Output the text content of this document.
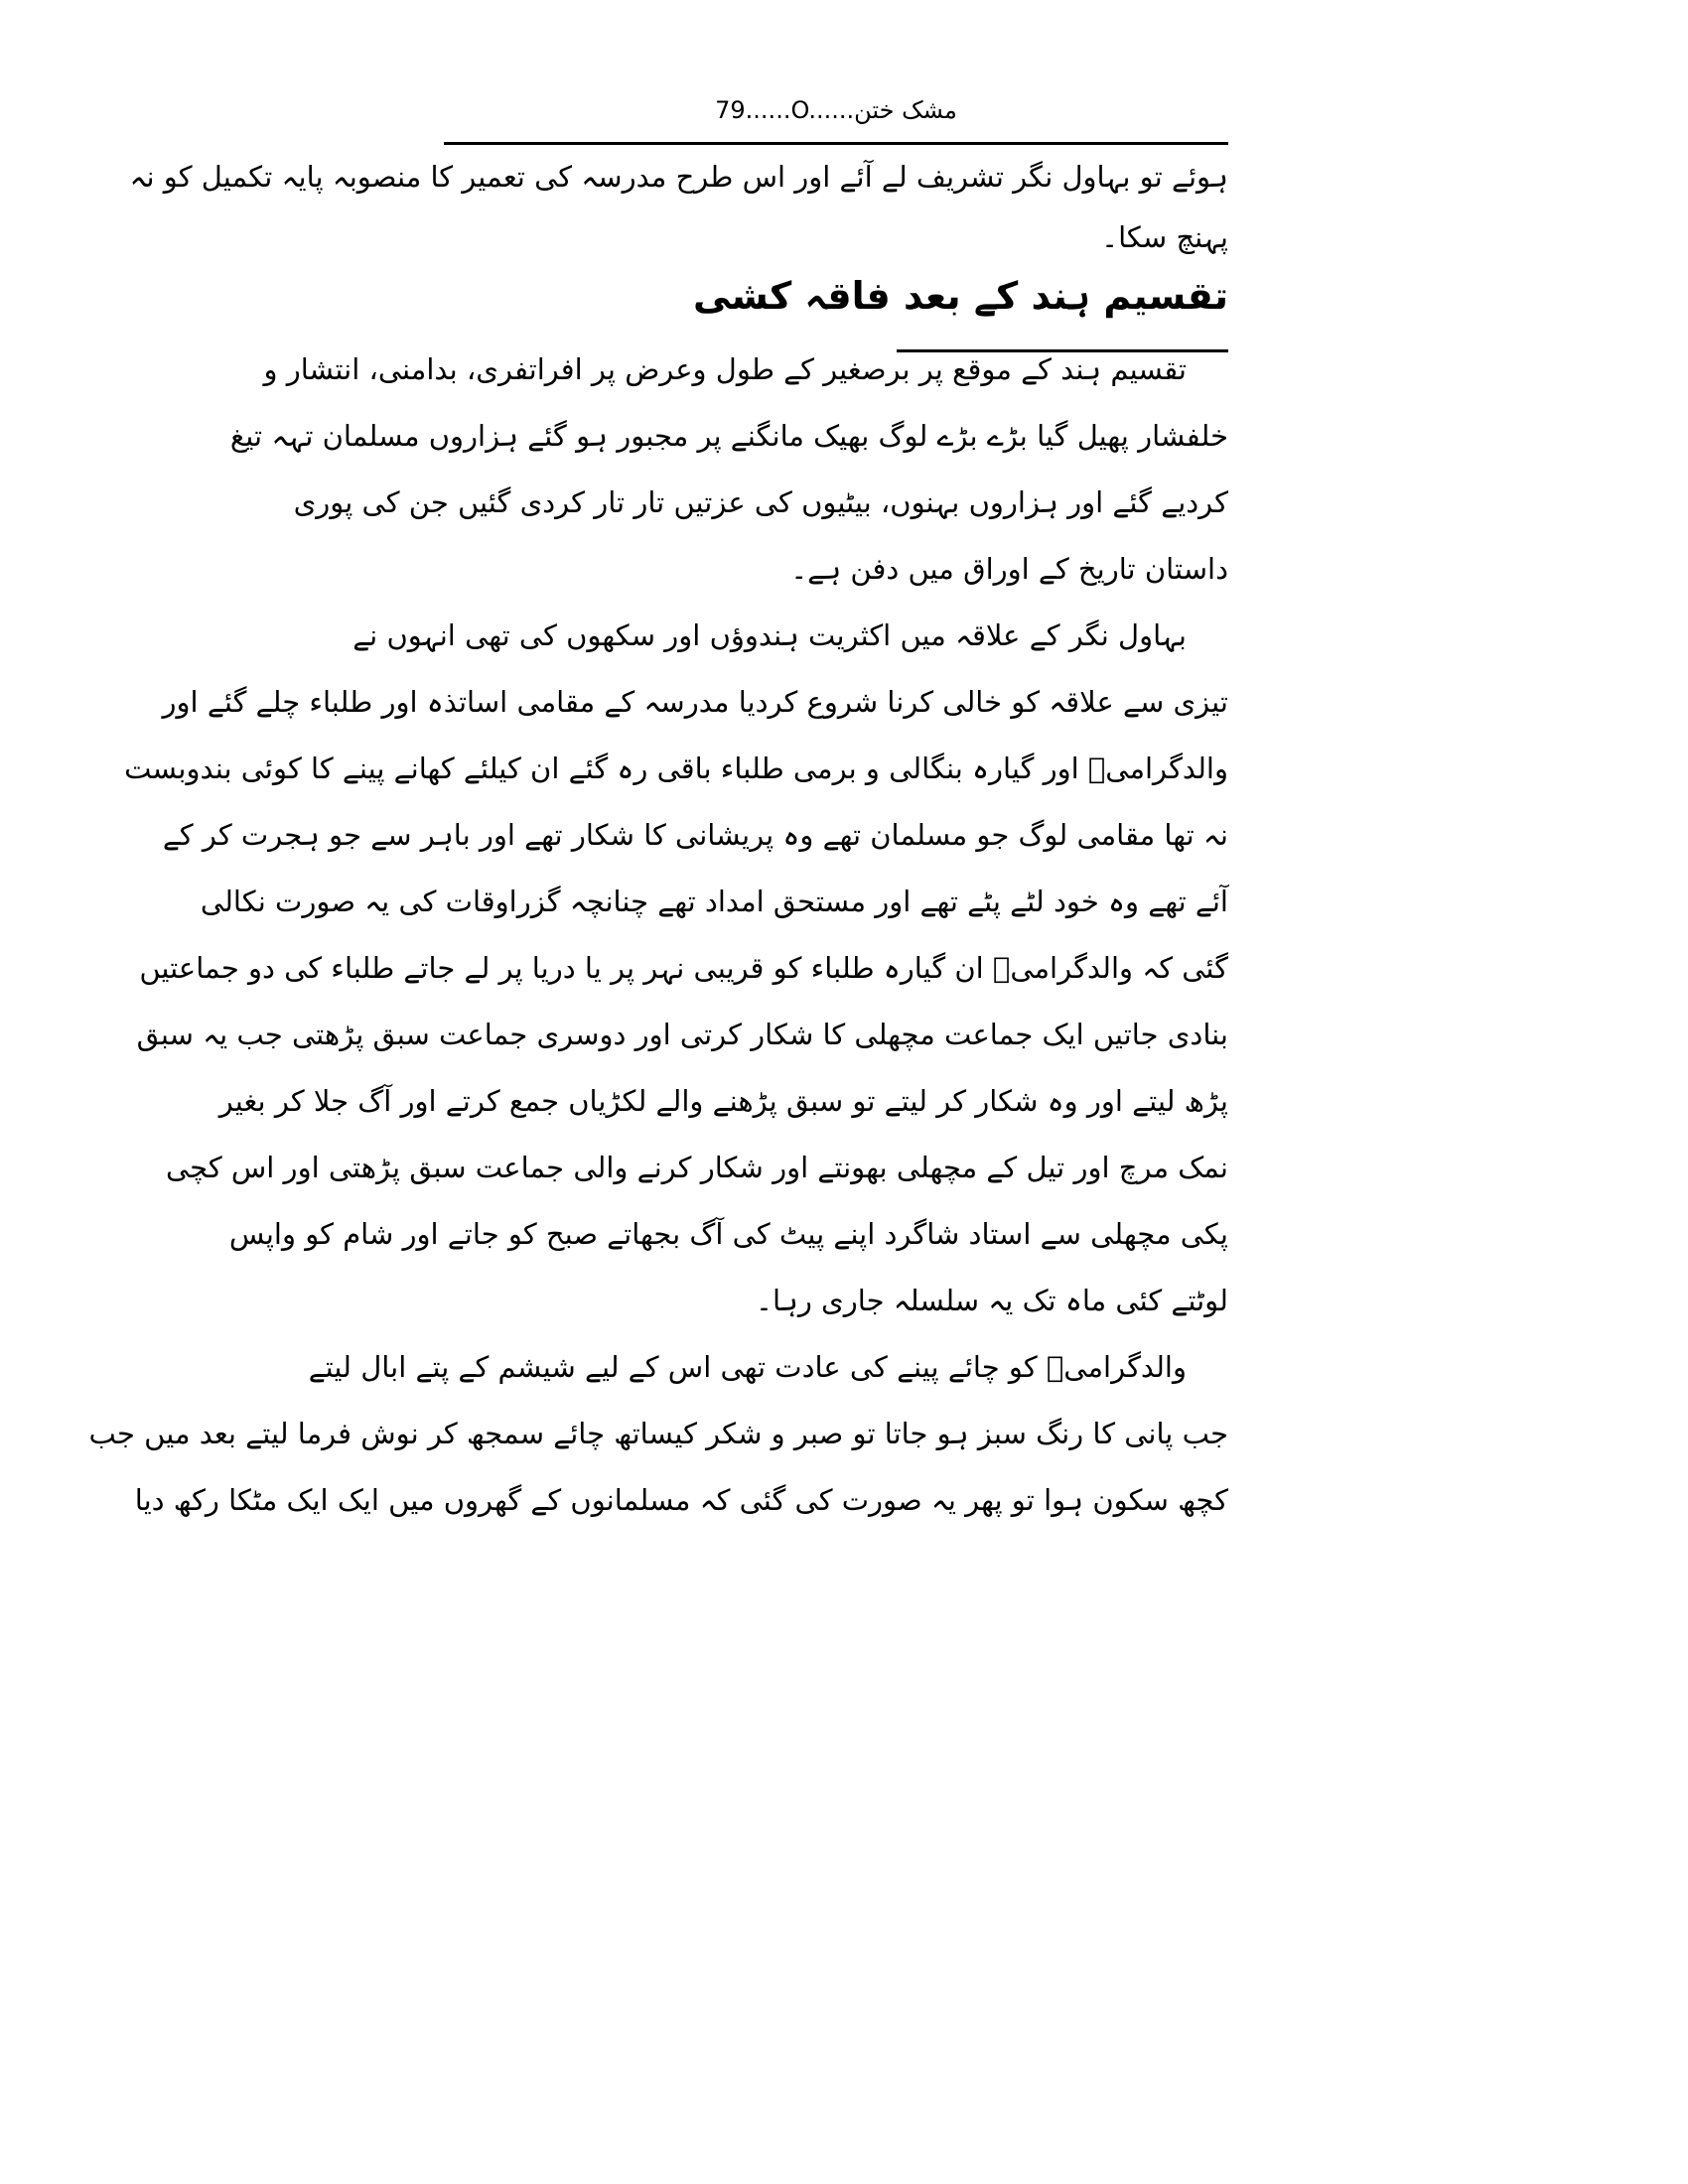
79......O......مشک ختن
ہوئے تو بہاول نگر تشریف لے آئے اور اس طرح مدرسہ کی تعمیر کا منصوبہ پایہ تکمیل کو نہ
پہنچ سکا۔
تقسیم ہند کے بعد فاقہ کشی
تقسیم ہند کے موقع پر برصغیر کے طول وعرض پر افراتفری، بدامنی، انتشار و
خلفشار پھیل گیا بڑے بڑے لوگ بھیک مانگنے پر مجبور ہو گئے ہزاروں مسلمان تہہ تیغ
کردیے گئے اور ہزاروں بہنوں، بیٹیوں کی عزتیں تار تار کردی گئیں جن کی پوری
داستان تاریخ کے اوراق میں دفن ہے۔
بہاول نگر کے علاقہ میں اکثریت ہندوؤں اور سکھوں کی تھی انہوں نے
تیزی سے علاقہ کو خالی کرنا شروع کردیا مدرسہ کے مقامی اساتذہ اور طلباء چلے گئے اور
والدگرامیؒ اور گیارہ بنگالی و برمی طلباء باقی رہ گئے ان کیلئے کھانے پینے کا کوئی بندوبست
نہ تھا مقامی لوگ جو مسلمان تھے وہ پریشانی کا شکار تھے اور باہر سے جو ہجرت کر کے
آئے تھے وہ خود لٹے پٹے تھے اور مستحق امداد تھے چنانچہ گزراوقات کی یہ صورت نکالی
گئی کہ والدگرامیؒ ان گیارہ طلباء کو قریبی نہر پر یا دریا پر لے جاتے طلباء کی دو جماعتیں
بنادی جاتیں ایک جماعت مچھلی کا شکار کرتی اور دوسری جماعت سبق پڑھتی جب یہ سبق
پڑھ لیتے اور وہ شکار کر لیتے تو سبق پڑھنے والے لکڑیاں جمع کرتے اور آگ جلا کر بغیر
نمک مرچ اور تیل کے مچھلی بھونتے اور شکار کرنے والی جماعت سبق پڑھتی اور اس کچی
پکی مچھلی سے استاد شاگرد اپنے پیٹ کی آگ بجھاتے صبح کو جاتے اور شام کو واپس
لوٹتے کئی ماہ تک یہ سلسلہ جاری رہا۔
والدگرامیؒ کو چائے پینے کی عادت تھی اس کے لیے شیشم کے پتے ابال لیتے
جب پانی کا رنگ سبز ہو جاتا تو صبر و شکر کیساتھ چائے سمجھ کر نوش فرما لیتے بعد میں جب
کچھ سکون ہوا تو پھر یہ صورت کی گئی کہ مسلمانوں کے گھروں میں ایک ایک مٹکا رکھ دیا
